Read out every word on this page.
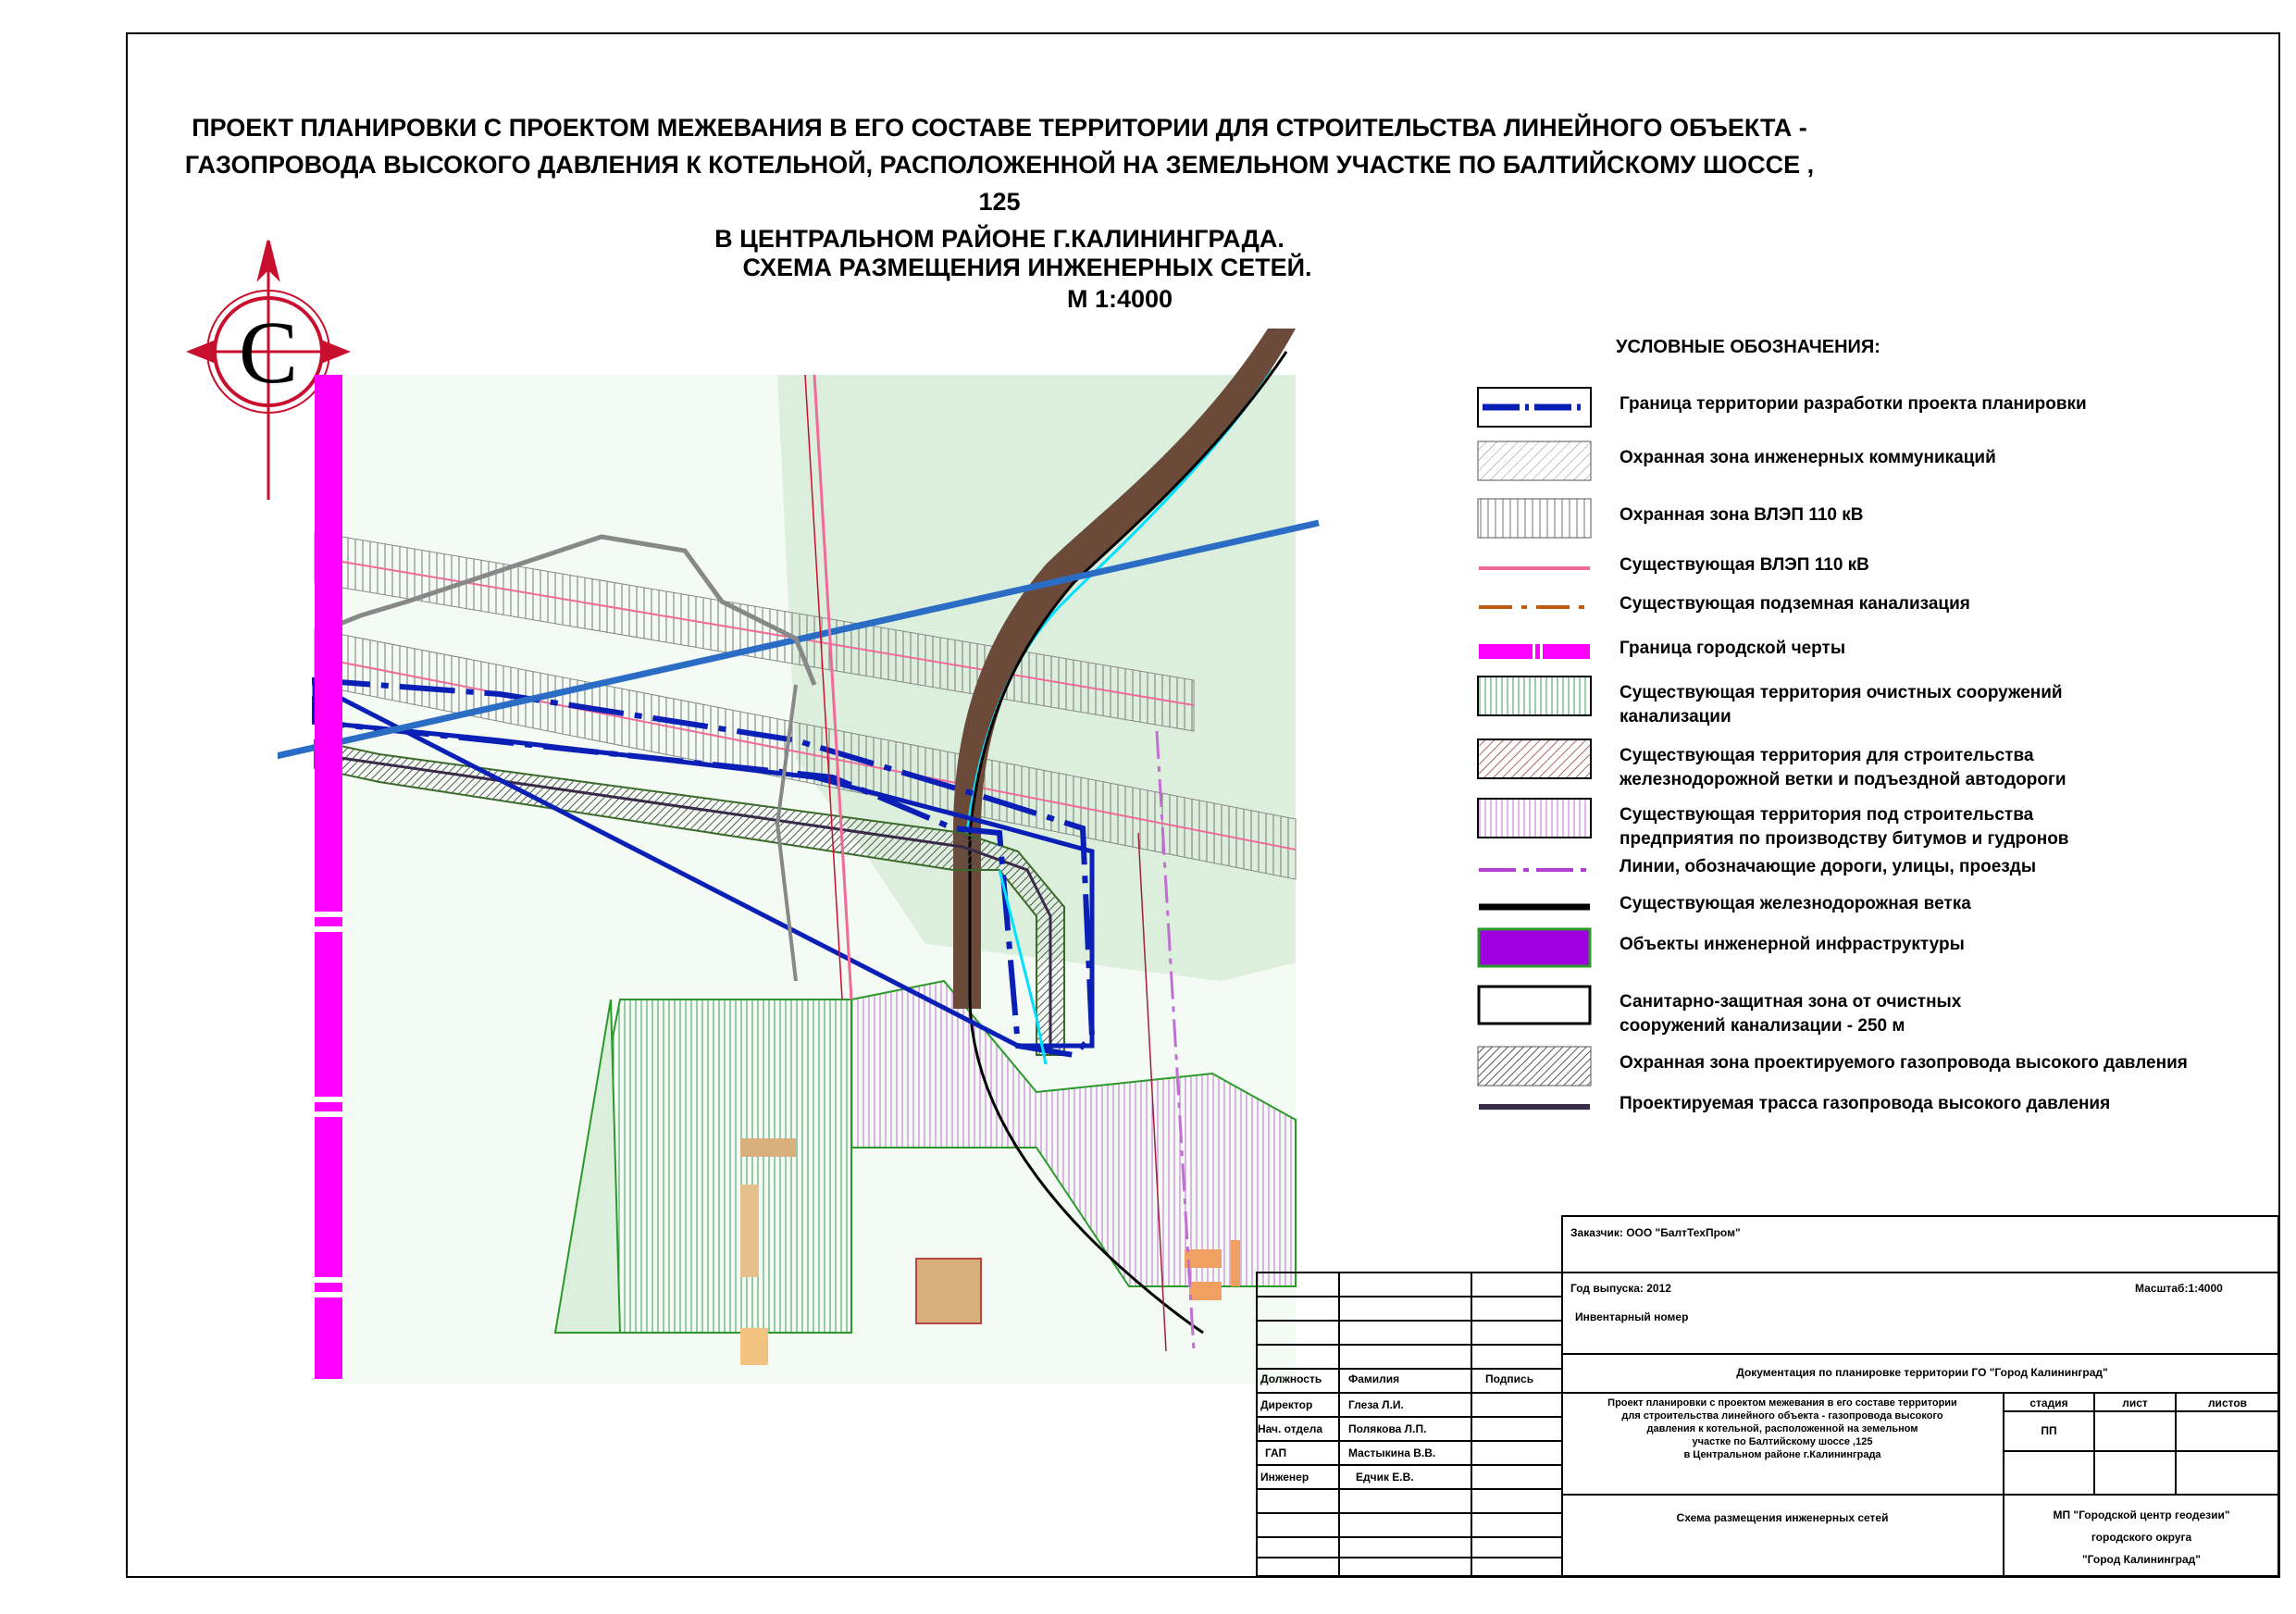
ПРОЕКТ ПЛАНИРОВКИ С ПРОЕКТОМ МЕЖЕВАНИЯ В ЕГО СОСТАВЕ ТЕРРИТОРИИ ДЛЯ СТРОИТЕЛЬСТВА ЛИНЕЙНОГО ОБЪЕКТА -
ГАЗОПРОВОДА ВЫСОКОГО ДАВЛЕНИЯ К КОТЕЛЬНОЙ, РАСПОЛОЖЕННОЙ НА ЗЕМЕЛЬНОМ УЧАСТКЕ ПО БАЛТИЙСКОМУ ШОССЕ , 125
В ЦЕНТРАЛЬНОМ РАЙОНЕ Г.КАЛИНИНГРАДА.
СХЕМА РАЗМЕЩЕНИЯ ИНЖЕНЕРНЫХ СЕТЕЙ.
М 1:4000
С	УСЛОВНЫЕ ОБОЗНАЧЕНИЯ:
Граница территории разработки проекта планировки
Охранная зона инженерных коммуникаций
Охранная зона ВЛЭП 110 кВ
Существующая ВЛЭП 110 кВ
Существующая подземная канализация
Граница городской черты
Существующая территория очистных сооружений
канализации
Существующая территория для строительства
железнодорожной ветки и подъездной автодороги
Существующая территория под строительства
предприятия по производству битумов и гудронов
Линии, обозначающие дороги, улицы, проезды
Существующая железнодорожная ветка
Объекты инженерной инфраструктуры
Санитарно-защитная зона от очистных
сооружений канализации - 250 м
Охранная зона проектируемого газопровода высокого давления
Проектируемая трасса газопровода высокого давления
Заказчик: ООО "БалтТехПром"
Год выпуска: 2012	Масштаб:1:4000
Инвентарный номер
Документация по планировке территории ГО "Город Калининград"
Проект планировки с проектом межевания в его составе территории
для строительства линейного объекта - газопровода высокого
давления к котельной, расположенной на земельном
участке по Балтийскому шоссе ,125
в Центральном районе г.Калининграда
Схема размещения инженерных сетей
стадия	лист	листов
ПП
МП "Городской центр геодезии"
городского округа
"Город Калининград"
Должность Фамилия	Подпись
Директор	Глеза Л.И.
Нач. отдела Полякова Л.П.
ГАП	Мастыкина В.В.
Инженер	Едчик Е.В.
